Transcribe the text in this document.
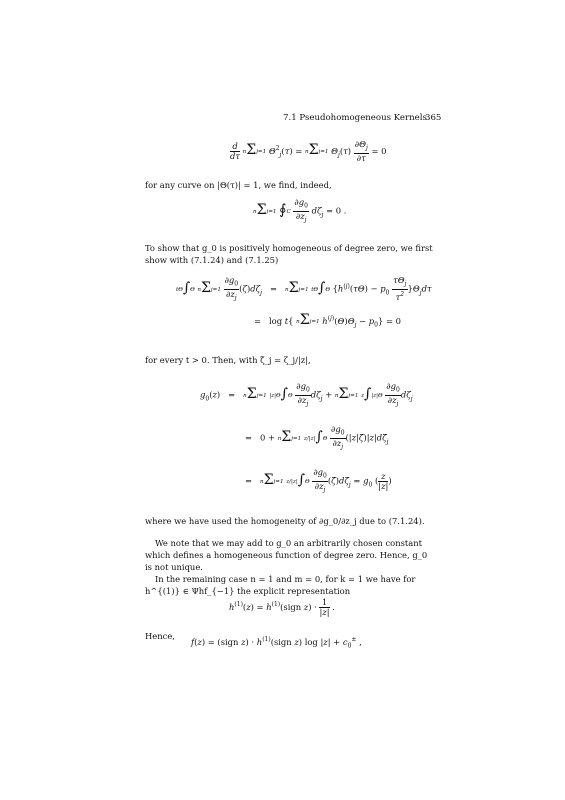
7.1 Pseudohomogeneous Kernels
365
$\frac{d}{d\tau} n\Sigma j=1$ $\Theta^2_j(\tau) = n\Sigma j=1$ $\Theta_j(\tau) \frac{\partial\Theta_j}{\partial\tau} = 0$
for any curve on |Θ(τ)| = 1, we find, indeed,
nΣj=1 ∮C $\frac{\partial g_0}{\partial z_j} d\zeta_j = 0$ .
To show that g_0 is positively homogeneous of degree zero, we first show with (7.1.24) and (7.1.25)
tΘ∫Θ $n\Sigma j=1 \frac{\partial g_0}{\partial z_j} (\zeta)d\zeta_j = n\Sigma j=1$ tΘ∫Θ $\{h^{(j)}(\tau\Theta) - p_0 \frac{\tau\Theta_j}{\tau^2} \}\Theta_jd\tau$
=   log t{ nΣj=1 $h^{(j)}(\Theta)\Theta_j - p_0\} = 0$
for every t > 0. Then, with ζ̃_j = ζ_j/|z|,
$g_0(z) = n\Sigma j=1$ $|z|\Theta\int\Theta \frac{\partial g_0}{\partial z_j} d\zeta_j + n\Sigma j=1$ $z\int|z|\Theta \frac{\partial g_0}{\partial z_j} d\zeta_j$
=   0 + nΣj=1 $z/|z|\int\Theta \frac{\partial g_0}{\partial z_j}$ $(|z|\zetã)|z|d\zetã_j$
=   nΣj=1 $z/|z|\int\Theta \frac{\partial g_0}{\partial z_j}$ $(\zetã)d\zetã_j = g_0$ ( $\frac{z}{|z|}$ )
where we have used the homogeneity of ∂g_0/∂z_j due to (7.1.24).
We note that we may add to g_0 an arbitrarily chosen constant which defines a homogeneous function of degree zero. Hence, g_0 is not unique.
In the remaining case n = 1 and m = 0, for k = 1 we have for h^{(1)} ∈ Ψhf_{−1} the explicit representation
$h^{(1)}(z)$ = $h^{(1)}(sign$ $z) \cdot \frac{1}{|z|}$ .
Hence,
f(z) = (sign $z) \cdot h^{(1)}(sign$ z) $\log |z| + c_0^\pm$ ,
